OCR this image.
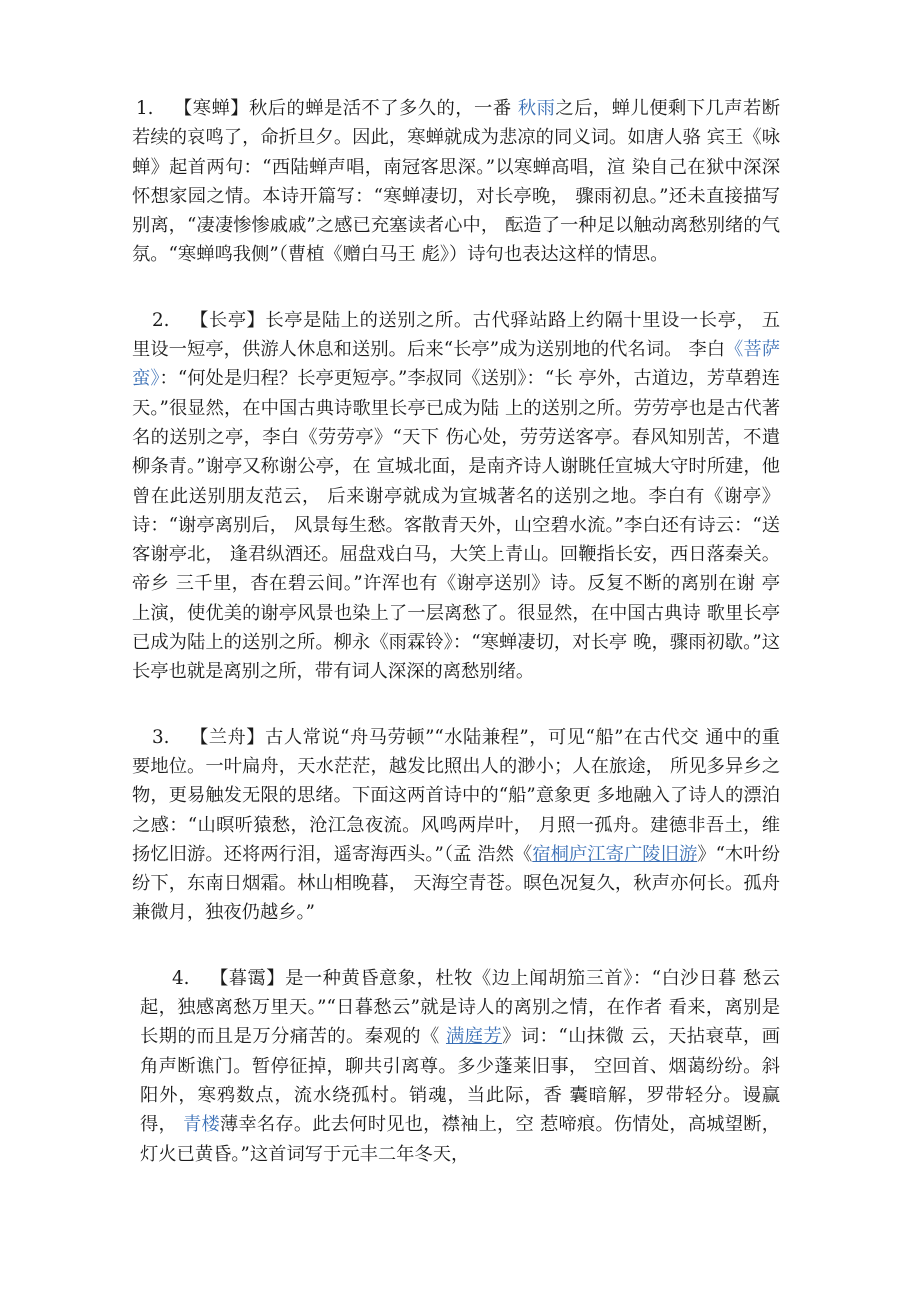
1. 【寒蝉】秋后的蝉是活不了多久的，一番 秋雨之后，蝉儿便剩下几声若断若续的哀鸣了，命折旦夕。因此，寒蝉就成为悲凉的同义词。如唐人骆 宾王《咏蝉》起首两句：“西陆蝉声唱，南冠客思深。”以寒蝉高唱，渲 染自己在狱中深深怀想家园之情。本诗开篇写：“寒蝉凄切，对长亭晚， 骤雨初息。”还未直接描写别离，“凄凄惨惨戚戚”之感已充塞读者心中， 酝造了一种足以触动离愁别绪的气氛。“寒蝉鸣我侧”（曹植《赠白马王 彪》）诗句也表达这样的情思。

2. 【长亭】长亭是陆上的送别之所。古代驿站路上约隔十里设一长亭， 五里设一短亭，供游人休息和送别。后来“长亭”成为送别地的代名词。 李白《菩萨蛮》：“何处是归程？长亭更短亭。”李叔同《送别》：“长 亭外，古道边，芳草碧连天。”很显然，在中国古典诗歌里长亭已成为陆 上的送别之所。劳劳亭也是古代著名的送别之亭，李白《劳劳亭》“天下 伤心处，劳劳送客亭。春风知别苦，不遣柳条青。”谢亭又称谢公亭，在 宣城北面，是南齐诗人谢眺任宣城大守时所建，他曾在此送别朋友范云， 后来谢亭就成为宣城著名的送别之地。李白有《谢亭》诗：“谢亭离别后， 风景每生愁。客散青天外，山空碧水流。”李白还有诗云：“送客谢亭北， 逢君纵酒还。屈盘戏白马，大笑上青山。回鞭指长安，西日落秦关。帝乡 三千里，杳在碧云间。”许浑也有《谢亭送别》诗。反复不断的离别在谢 亭上演，使优美的谢亭风景也染上了一层离愁了。很显然，在中国古典诗 歌里长亭已成为陆上的送别之所。柳永《雨霖铃》：“寒蝉凄切，对长亭 晚，骤雨初歇。”这长亭也就是离别之所，带有词人深深的离愁别绪。

3. 【兰舟】古人常说“舟马劳顿”“水陆兼程”，可见“船”在古代交 通中的重要地位。一叶扁舟，天水茫茫，越发比照出人的渺小；人在旅途， 所见多异乡之物，更易触发无限的思绪。下面这两首诗中的“船”意象更 多地融入了诗人的漂泊之感：“山暝听猿愁，沧江急夜流。风鸣两岸叶， 月照一孤舟。建德非吾土，维扬忆旧游。还将两行泪，遥寄海西头。”（孟 浩然《宿桐庐江寄广陵旧游》“木叶纷纷下，东南日烟霜。林山相晚暮， 天海空青苍。暝色况复久，秋声亦何长。孤舟兼微月，独夜仍越乡。”

4. 【暮霭】是一种黄昏意象，杜牧《边上闻胡笳三首》：“白沙日暮 愁云起，独感离愁万里天。”“日暮愁云”就是诗人的离别之情，在作者 看来，离别是长期的而且是万分痛苦的。秦观的《 满庭芳》词：“山抹微 云，天拈衰草，画角声断谯门。暂停征掉，聊共引离尊。多少蓬莱旧事， 空回首、烟蔼纷纷。斜阳外，寒鸦数点，流水绕孤村。销魂，当此际，香 囊暗解，罗带轻分。谩赢得， 青楼薄幸名存。此去何时见也，襟袖上，空 惹啼痕。伤情处，高城望断，灯火已黄昏。”这首词写于元丰二年冬天，
